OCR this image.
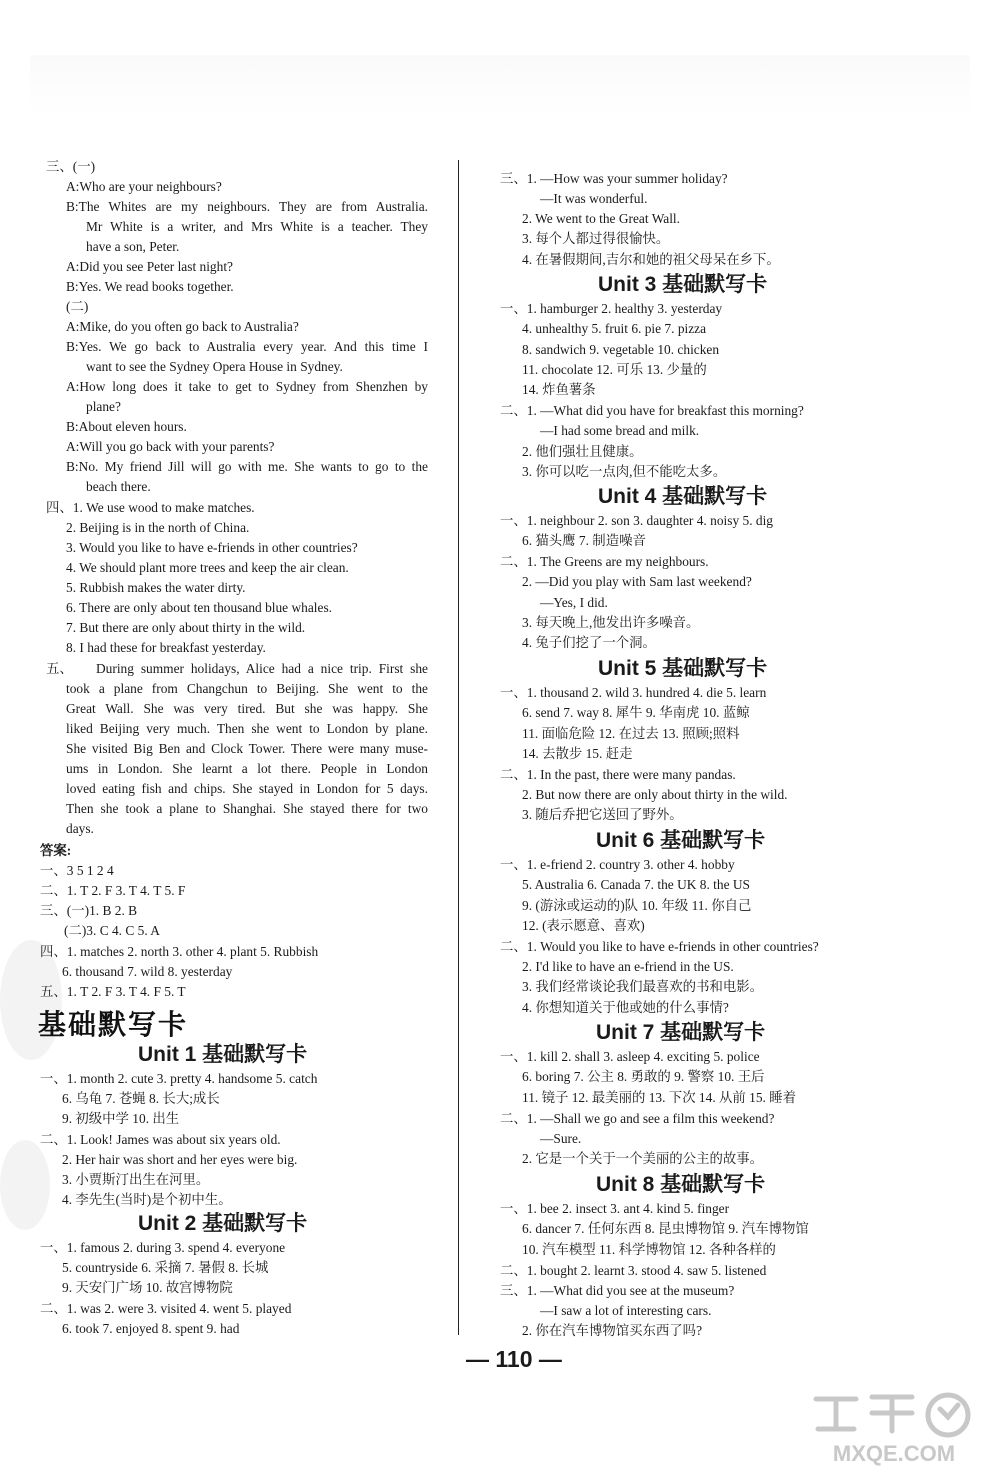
三、(一)
A:Who are your neighbours?
B:The Whites are my neighbours. They are from Australia.
Mr White is a writer, and Mrs White is a teacher. They
have a son, Peter.
A:Did you see Peter last night?
B:Yes. We read books together.
(二)
A:Mike, do you often go back to Australia?
B:Yes. We go back to Australia every year. And this time I
want to see the Sydney Opera House in Sydney.
A:How long does it take to get to Sydney from Shenzhen by
plane?
B:About eleven hours.
A:Will you go back with your parents?
B:No. My friend Jill will go with me. She wants to go to the
beach there.
四、1. We use wood to make matches.
2. Beijing is in the north of China.
3. Would you like to have e-friends in other countries?
4. We should plant more trees and keep the air clean.
5. Rubbish makes the water dirty.
6. There are only about ten thousand blue whales.
7. But there are only about thirty in the wild.
8. I had these for breakfast yesterday.
五、 During summer holidays, Alice had a nice trip. First she
took a plane from Changchun to Beijing. She went to the
Great Wall. She was very tired. But she was happy. She
liked Beijing very much. Then she went to London by plane.
She visited Big Ben and Clock Tower. There were many muse-
ums in London. She learnt a lot there. People in London
loved eating fish and chips. She stayed in London for 5 days.
Then she took a plane to Shanghai. She stayed there for two
days.
答案:
一、3 5 1 2 4
二、1. T 2. F 3. T 4. T 5. F
三、(一)1. B 2. B
(二)3. C 4. C 5. A
四、1. matches 2. north 3. other 4. plant 5. Rubbish
6. thousand 7. wild 8. yesterday
五、1. T 2. F 3. T 4. F 5. T
基础默写卡
Unit 1 基础默写卡
一、1. month 2. cute 3. pretty 4. handsome 5. catch
6. 乌龟 7. 苍蝇 8. 长大;成长
9. 初级中学 10. 出生
二、1. Look! James was about six years old.
2. Her hair was short and her eyes were big.
3. 小贾斯汀出生在河里。
4. 李先生(当时)是个初中生。
Unit 2 基础默写卡
一、1. famous 2. during 3. spend 4. everyone
5. countryside 6. 采摘 7. 暑假 8. 长城
9. 天安门广场 10. 故宫博物院
二、1. was 2. were 3. visited 4. went 5. played
6. took 7. enjoyed 8. spent 9. had
三、1. —How was your summer holiday?
—It was wonderful.
2. We went to the Great Wall.
3. 每个人都过得很愉快。
4. 在暑假期间,吉尔和她的祖父母呆在乡下。
Unit 3 基础默写卡
一、1. hamburger 2. healthy 3. yesterday
4. unhealthy 5. fruit 6. pie 7. pizza
8. sandwich 9. vegetable 10. chicken
11. chocolate 12. 可乐 13. 少量的
14. 炸鱼薯条
二、1. —What did you have for breakfast this morning?
—I had some bread and milk.
2. 他们强壮且健康。
3. 你可以吃一点肉,但不能吃太多。
Unit 4 基础默写卡
一、1. neighbour 2. son 3. daughter 4. noisy 5. dig
6. 猫头鹰 7. 制造噪音
二、1. The Greens are my neighbours.
2. —Did you play with Sam last weekend?
—Yes, I did.
3. 每天晚上,他发出许多噪音。
4. 兔子们挖了一个洞。
Unit 5 基础默写卡
一、1. thousand 2. wild 3. hundred 4. die 5. learn
6. send 7. way 8. 犀牛 9. 华南虎 10. 蓝鲸
11. 面临危险 12. 在过去 13. 照顾;照料
14. 去散步 15. 赶走
二、1. In the past, there were many pandas.
2. But now there are only about thirty in the wild.
3. 随后乔把它送回了野外。
Unit 6 基础默写卡
一、1. e-friend 2. country 3. other 4. hobby
5. Australia 6. Canada 7. the UK 8. the US
9. (游泳或运动的)队 10. 年级 11. 你自己
12. (表示愿意、喜欢)
二、1. Would you like to have e-friends in other countries?
2. I'd like to have an e-friend in the US.
3. 我们经常谈论我们最喜欢的书和电影。
4. 你想知道关于他或她的什么事情?
Unit 7 基础默写卡
一、1. kill 2. shall 3. asleep 4. exciting 5. police
6. boring 7. 公主 8. 勇敢的 9. 警察 10. 王后
11. 镜子 12. 最美丽的 13. 下次 14. 从前 15. 睡着
二、1. —Shall we go and see a film this weekend?
—Sure.
2. 它是一个关于一个美丽的公主的故事。
Unit 8 基础默写卡
一、1. bee 2. insect 3. ant 4. kind 5. finger
6. dancer 7. 任何东西 8. 昆虫博物馆 9. 汽车博物馆
10. 汽车模型 11. 科学博物馆 12. 各种各样的
二、1. bought 2. learnt 3. stood 4. saw 5. listened
三、1. —What did you see at the museum?
—I saw a lot of interesting cars.
2. 你在汽车博物馆买东西了吗?
— 110 —
MXQE.COM
